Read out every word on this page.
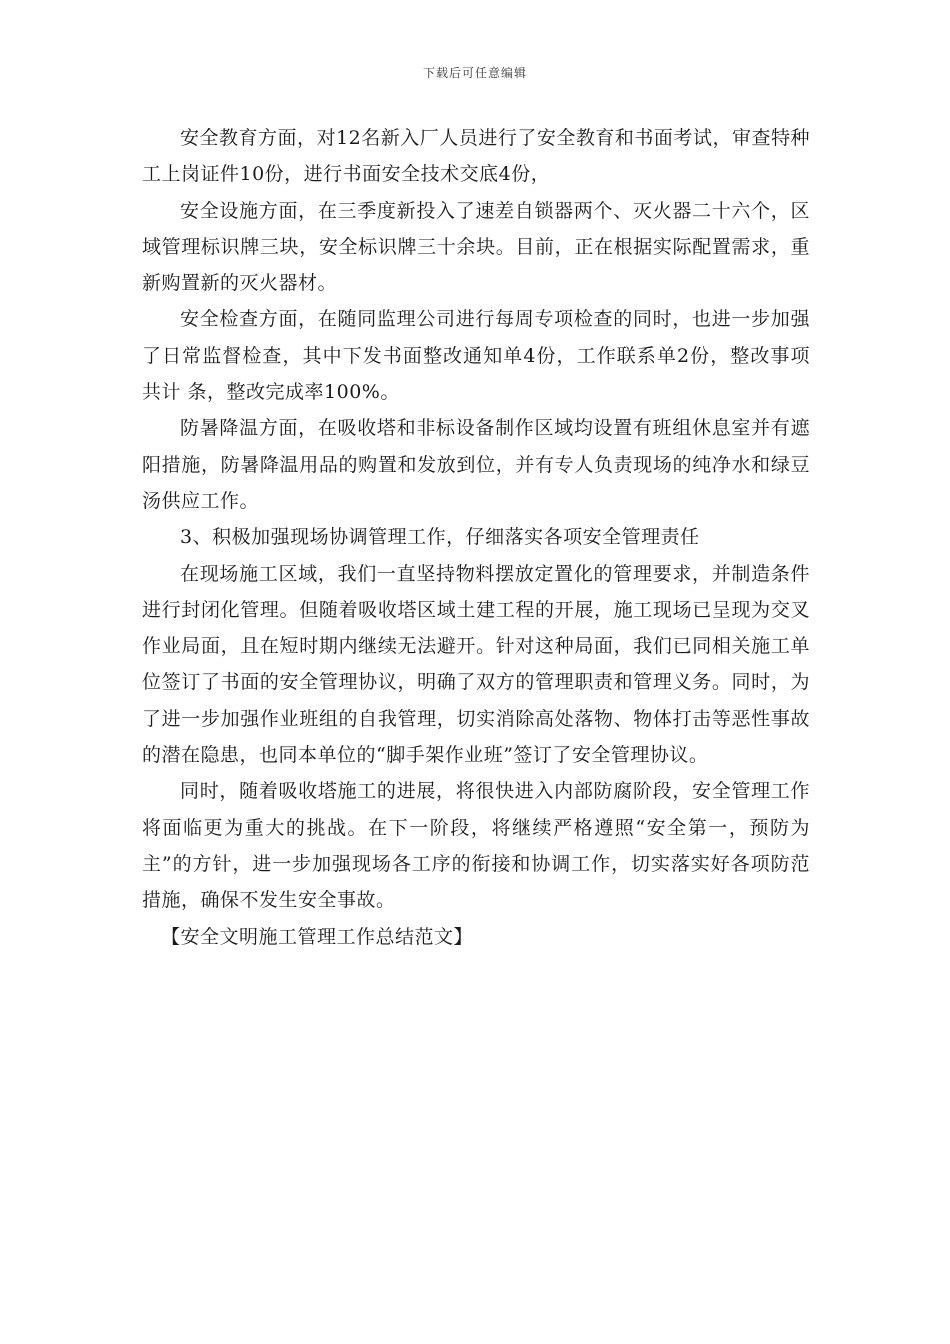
下载后可任意编辑

安全教育方面，对12名新入厂人员进行了安全教育和书面考试，审查特种工上岗证件10份，进行书面安全技术交底4份，

安全设施方面，在三季度新投入了速差自锁器两个、灭火器二十六个，区域管理标识牌三块，安全标识牌三十余块。目前，正在根据实际配置需求，重新购置新的灭火器材。

安全检查方面，在随同监理公司进行每周专项检查的同时，也进一步加强了日常监督检查，其中下发书面整改通知单4份，工作联系单2份，整改事项共计 条，整改完成率100%。

防暑降温方面，在吸收塔和非标设备制作区域均设置有班组休息室并有遮阳措施，防暑降温用品的购置和发放到位，并有专人负责现场的纯净水和绿豆汤供应工作。

3、积极加强现场协调管理工作，仔细落实各项安全管理责任

在现场施工区域，我们一直坚持物料摆放定置化的管理要求，并制造条件进行封闭化管理。但随着吸收塔区域土建工程的开展，施工现场已呈现为交叉作业局面，且在短时期内继续无法避开。针对这种局面，我们已同相关施工单位签订了书面的安全管理协议，明确了双方的管理职责和管理义务。同时，为了进一步加强作业班组的自我管理，切实消除高处落物、物体打击等恶性事故的潜在隐患，也同本单位的“脚手架作业班”签订了安全管理协议。

同时，随着吸收塔施工的进展，将很快进入内部防腐阶段，安全管理工作将面临更为重大的挑战。在下一阶段，将继续严格遵照“安全第一，预防为主”的方针，进一步加强现场各工序的衔接和协调工作，切实落实好各项防范措施，确保不发生安全事故。

【安全文明施工管理工作总结范文】
